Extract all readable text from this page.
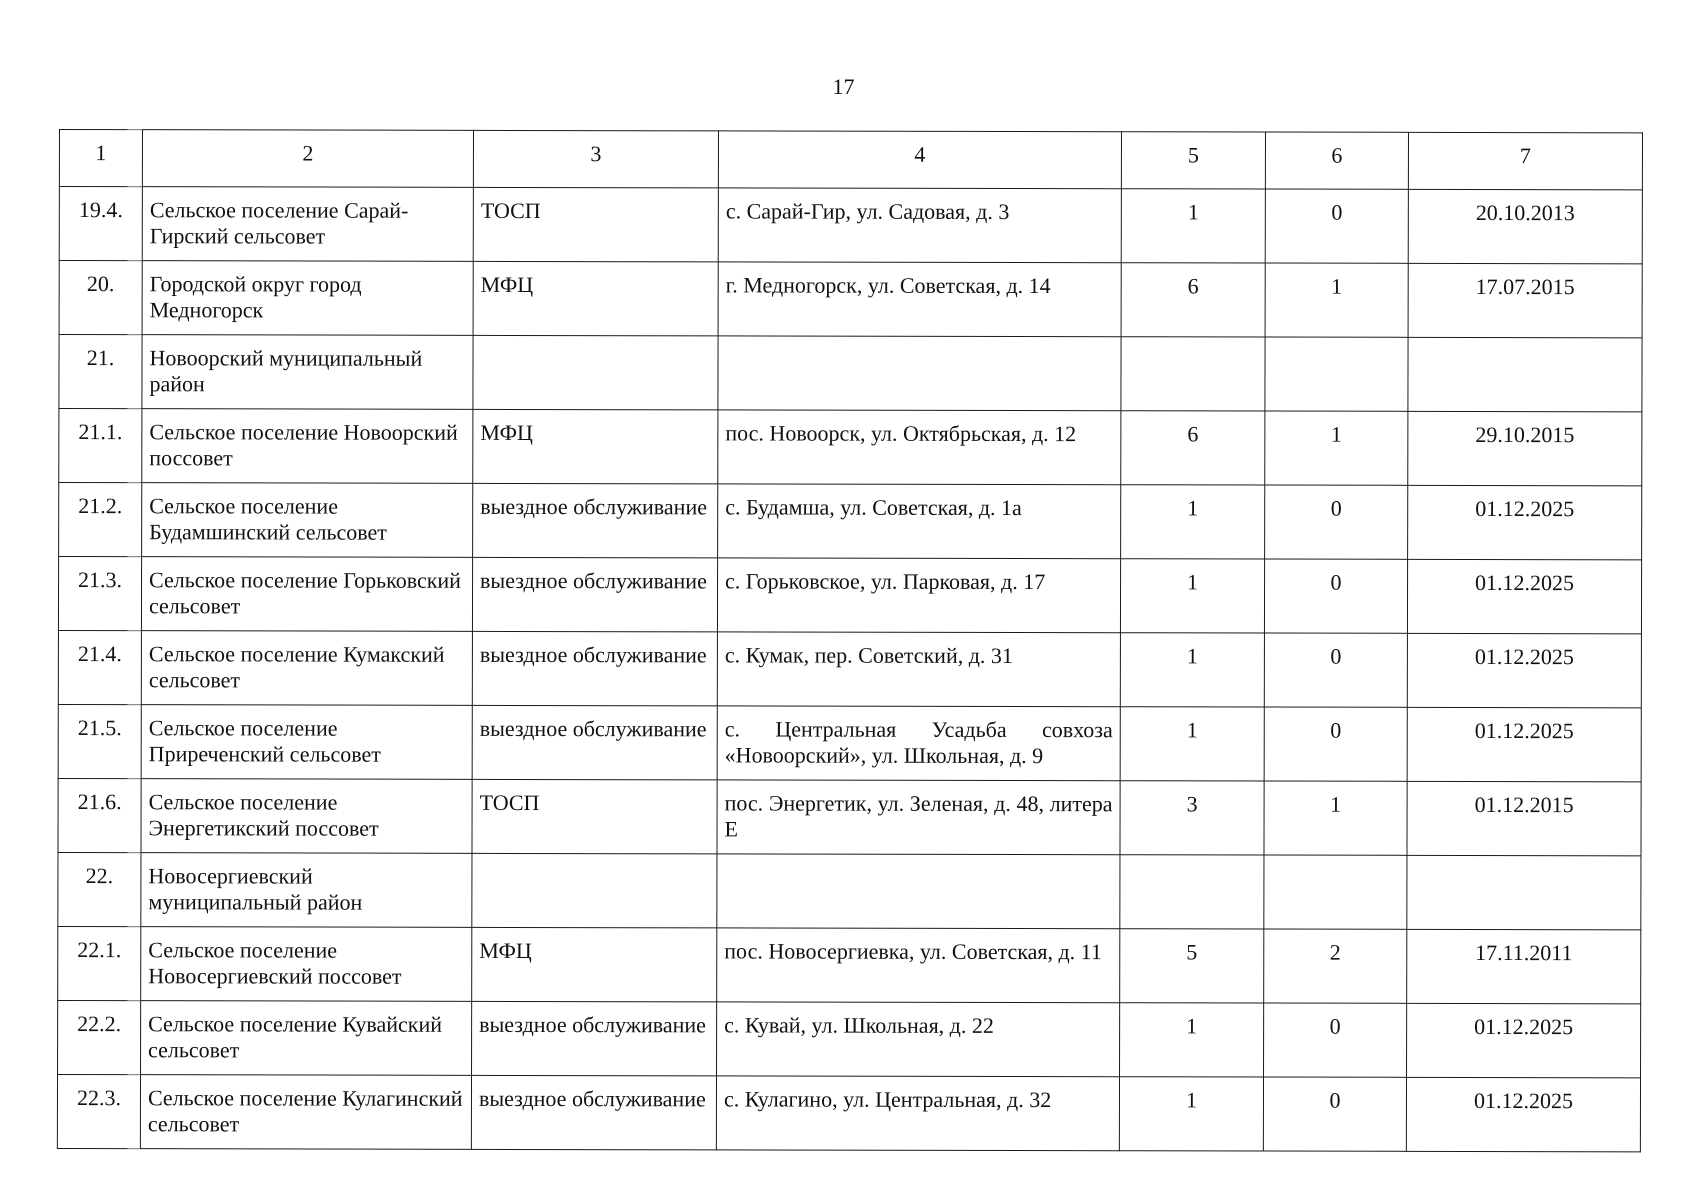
17
1	2	3	4	5	6	7
19.4.	Сельское поселение Сарай-Гирский сельсовет	ТОСП	с. Сарай-Гир, ул. Садовая, д. 3	1	0	20.10.2013
20.	Городской округ город Медногорск	МФЦ	г. Медногорск, ул. Советская, д. 14	6	1	17.07.2015
21.	Новоорский муниципальный район					
21.1.	Сельское поселение Новоорский поссовет	МФЦ	пос. Новоорск, ул. Октябрьская, д. 12	6	1	29.10.2015
21.2.	Сельское поселение Будамшинский сельсовет	выездное обслуживание	с. Будамша, ул. Советская, д. 1а	1	0	01.12.2025
21.3.	Сельское поселение Горьковский сельсовет	выездное обслуживание	с. Горьковское, ул. Парковая, д. 17	1	0	01.12.2025
21.4.	Сельское поселение Кумакский сельсовет	выездное обслуживание	с. Кумак, пер. Советский, д. 31	1	0	01.12.2025
21.5.	Сельское поселение Приреченский сельсовет	выездное обслуживание	с. Центральная Усадьба совхоза «Новоорский», ул. Школьная, д. 9	1	0	01.12.2025
21.6.	Сельское поселение Энергетикский поссовет	ТОСП	пос. Энергетик, ул. Зеленая, д. 48, литера Е	3	1	01.12.2015
22.	Новосергиевский муниципальный район					
22.1.	Сельское поселение Новосергиевский поссовет	МФЦ	пос. Новосергиевка, ул. Советская, д. 11	5	2	17.11.2011
22.2.	Сельское поселение Кувайский сельсовет	выездное обслуживание	с. Кувай, ул. Школьная, д. 22	1	0	01.12.2025
22.3.	Сельское поселение Кулагинский сельсовет	выездное обслуживание	с. Кулагино, ул. Центральная, д. 32	1	0	01.12.2025
